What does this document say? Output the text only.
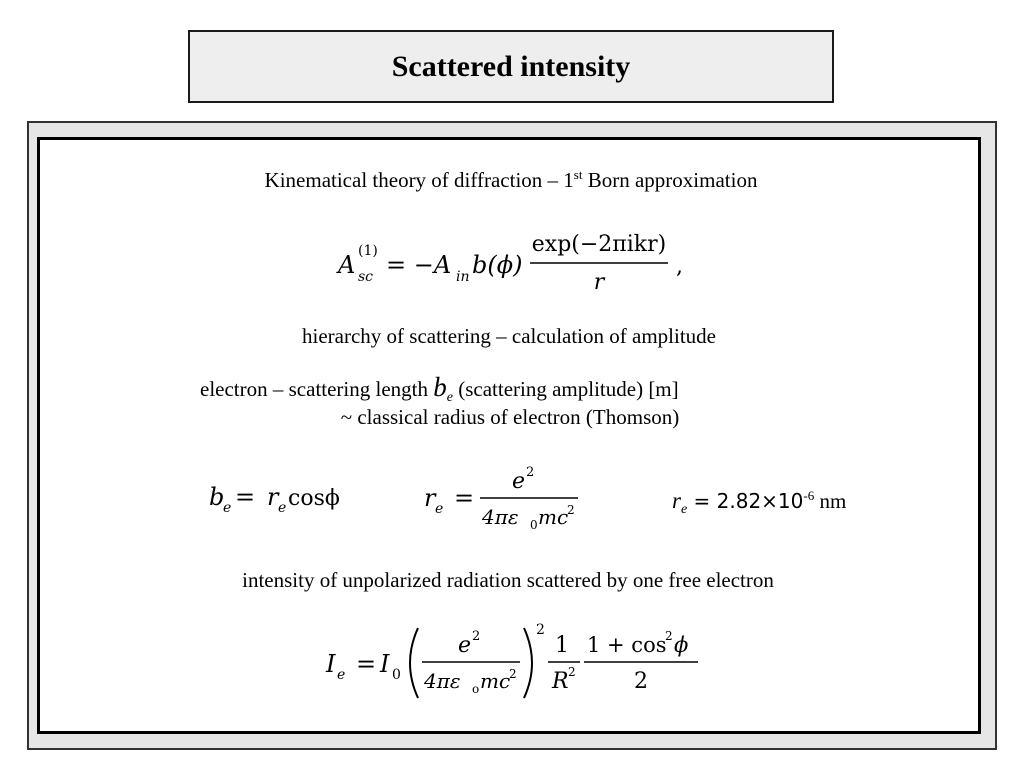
Scattered intensity
Kinematical theory of diffraction – 1st Born approximation
A (1)
sc = −A in b(ϕ)
exp(−2πikr)
r
,
hierarchy of scattering – calculation of amplitude
electron – scattering length $b_e$ (scattering amplitude) [m]
~ classical radius of electron (Thomson)
b
e = r e cosϕ	r e =
e 2
4πε 0 mc
2	$r_e = 2.82\times 10^{-6}$ nm
intensity of unpolarized radiation scattered by one free electron
I e = I 0
e 2
4πε o mc
2
2
1
R 2
1 + cos
2 ϕ
2
